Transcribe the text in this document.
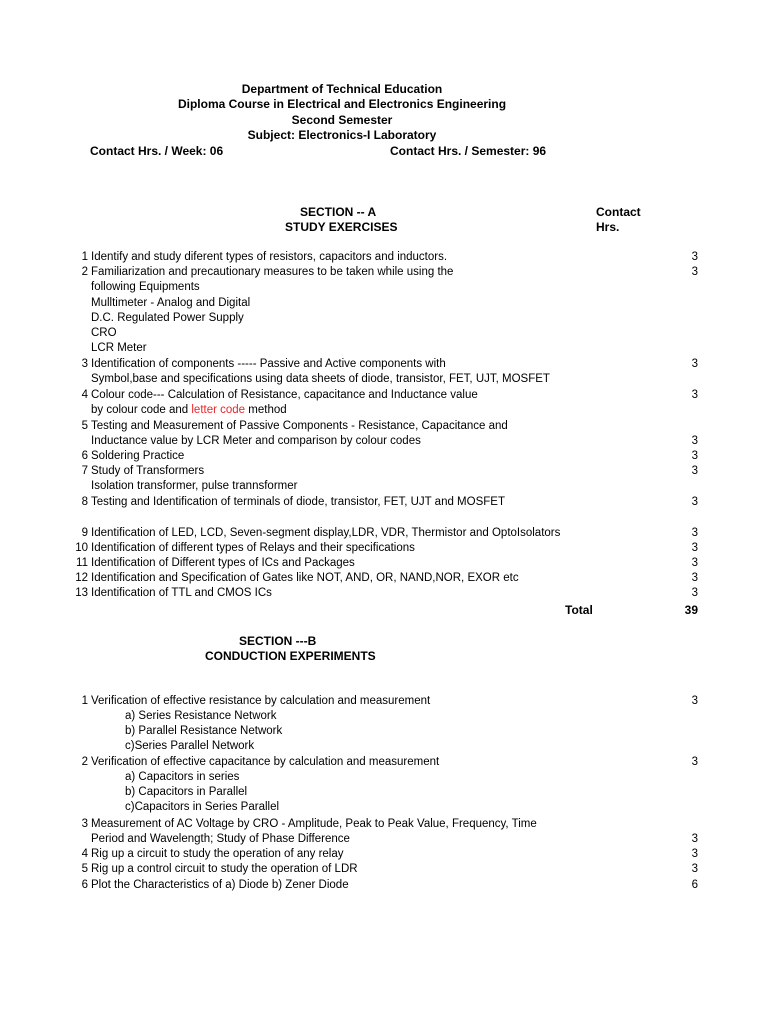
Department of Technical Education
Diploma Course in Electrical and Electronics Engineering
Second Semester
Subject: Electronics-I Laboratory
Contact Hrs. / Week: 06	Contact Hrs. / Semester: 96
SECTION -- A
STUDY EXERCISES
Contact
Hrs.
1 Identify and study diferent types of resistors, capacitors and inductors.	3
2 Familiarization and precautionary measures to be taken while using the	3
following Equipments
Mulltimeter - Analog and Digital
D.C. Regulated Power Supply
CRO
LCR Meter
3 Identification of components ----- Passive and Active components with	3
Symbol,base and specifications using data sheets of diode, transistor, FET, UJT, MOSFET
4 Colour code--- Calculation of Resistance, capacitance and Inductance value	3
by colour code and letter code method
5 Testing and Measurement of Passive Components - Resistance, Capacitance and
Inductance value by LCR Meter and comparison by colour codes	3
6 Soldering Practice	3
7 Study of Transformers	3
Isolation transformer, pulse trannsformer
8 Testing and Identification of terminals of diode, transistor, FET, UJT and MOSFET	3
9 Identification of LED, LCD, Seven-segment display,LDR, VDR, Thermistor and OptoIsolators	3
10 Identification of different types of Relays and their specifications	3
11 Identification of Different types of ICs and Packages	3
12 Identification and Specification of Gates like NOT, AND, OR, NAND,NOR, EXOR etc	3
13 Identification of TTL and CMOS ICs	3
Total	39
SECTION ---B
CONDUCTION EXPERIMENTS
1 Verification of effective resistance by calculation and measurement	3
a) Series Resistance Network
b) Parallel Resistance Network
c)Series Parallel Network
2 Verification of effective capacitance by calculation and measurement	3
a) Capacitors in series
b) Capacitors in Parallel
c)Capacitors in Series Parallel
3 Measurement of AC Voltage by CRO - Amplitude, Peak to Peak Value, Frequency, Time
Period and Wavelength; Study of Phase Difference	3
4 Rig up a circuit to study the operation of any relay	3
5 Rig up a control circuit to study the operation of LDR	3
6 Plot the Characteristics of a) Diode b) Zener Diode	6
